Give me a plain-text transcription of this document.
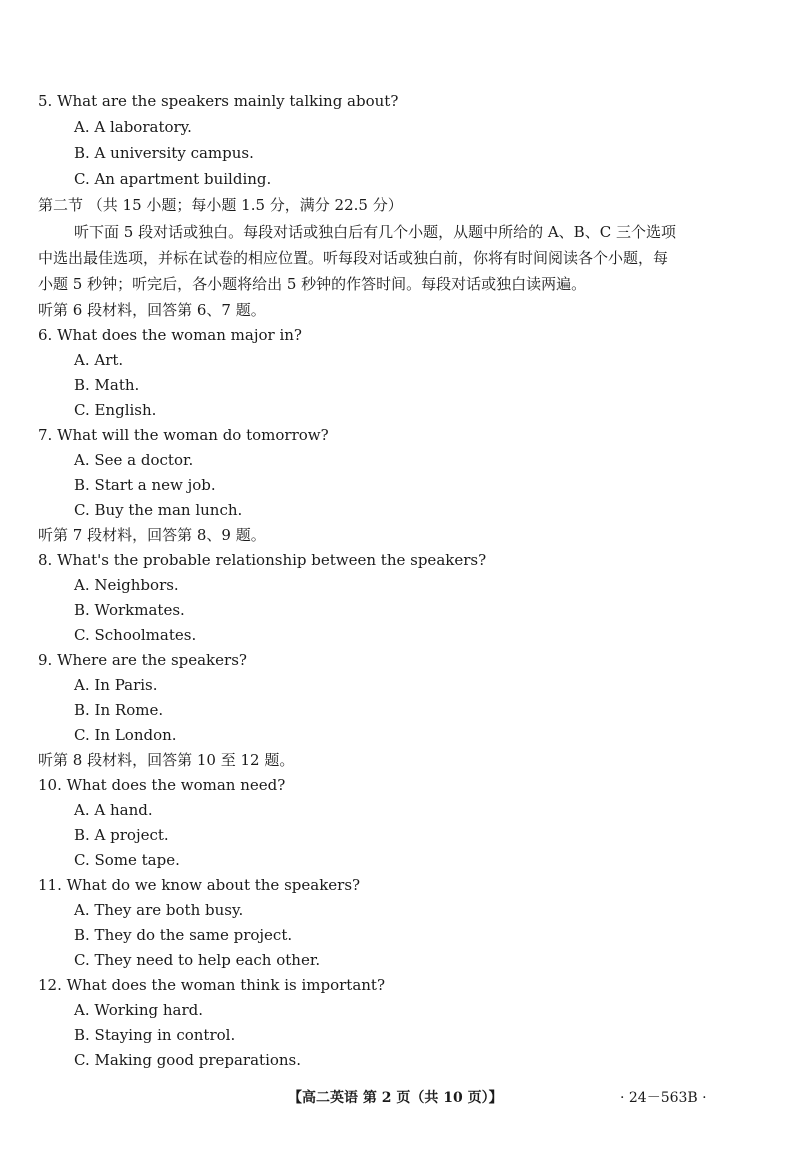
5. What are the speakers mainly talking about?
A. A laboratory.
B. A university campus.
C. An apartment building.
第二节 （共 15 小题；每小题 1.5 分，满分 22.5 分）
听下面 5 段对话或独白。每段对话或独白后有几个小题，从题中所给的 A、B、C 三个选项
中选出最佳选项，并标在试卷的相应位置。听每段对话或独白前，你将有时间阅读各个小题，每
小题 5 秒钟；听完后，各小题将给出 5 秒钟的作答时间。每段对话或独白读两遍。
听第 6 段材料，回答第 6、7 题。
6. What does the woman major in?
A. Art.
B. Math.
C. English.
7. What will the woman do tomorrow?
A. See a doctor.
B. Start a new job.
C. Buy the man lunch.
听第 7 段材料，回答第 8、9 题。
8. What's the probable relationship between the speakers?
A. Neighbors.
B. Workmates.
C. Schoolmates.
9. Where are the speakers?
A. In Paris.
B. In Rome.
C. In London.
听第 8 段材料，回答第 10 至 12 题。
10. What does the woman need?
A. A hand.
B. A project.
C. Some tape.
11. What do we know about the speakers?
A. They are both busy.
B. They do the same project.
C. They need to help each other.
12. What does the woman think is important?
A. Working hard.
B. Staying in control.
C. Making good preparations.
【高二英语 第 2 页（共 10 页）】	· 24－563B ·
